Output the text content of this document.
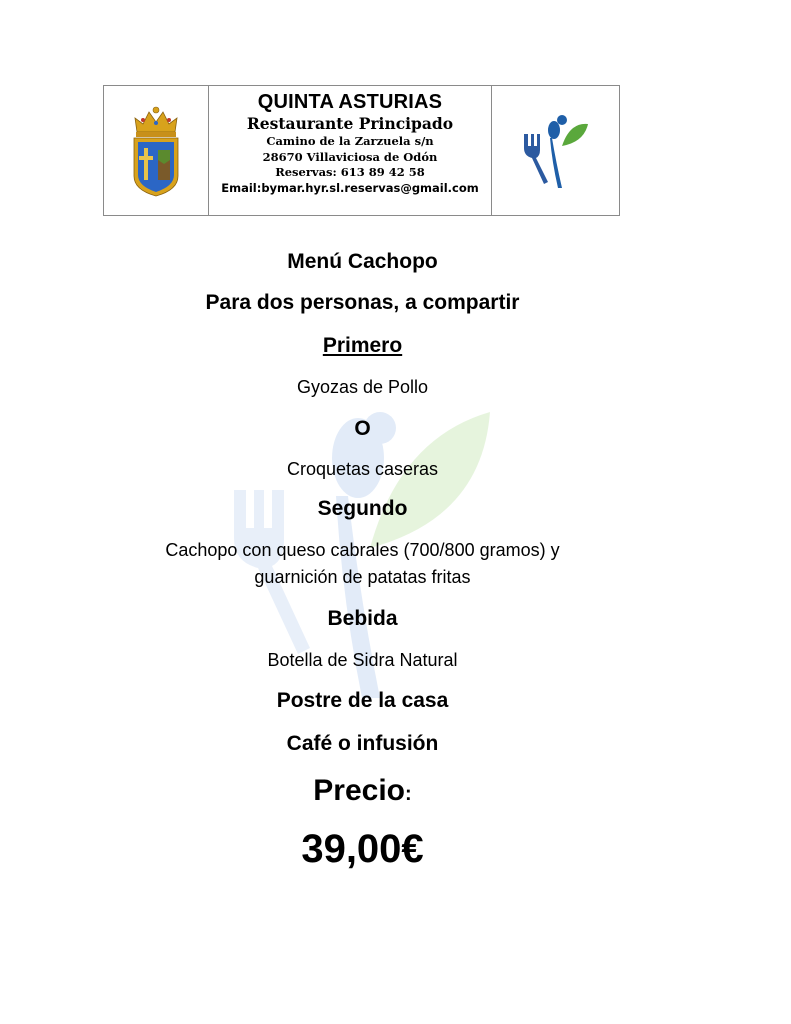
QUINTA ASTURIAS
Restaurante Principado
Camino de la Zarzuela s/n
28670 Villaviciosa de Odón
Reservas: 613 89 42 58
Email:bymar.hyr.sl.reservas@gmail.com
Menú Cachopo
Para dos personas, a compartir
Primero
Gyozas de Pollo
O
Croquetas caseras
Segundo
Cachopo con queso cabrales (700/800 gramos) y
guarnición de patatas fritas
Bebida
Botella de Sidra Natural
Postre de la casa
Café o infusión
Precio:
39,00€
